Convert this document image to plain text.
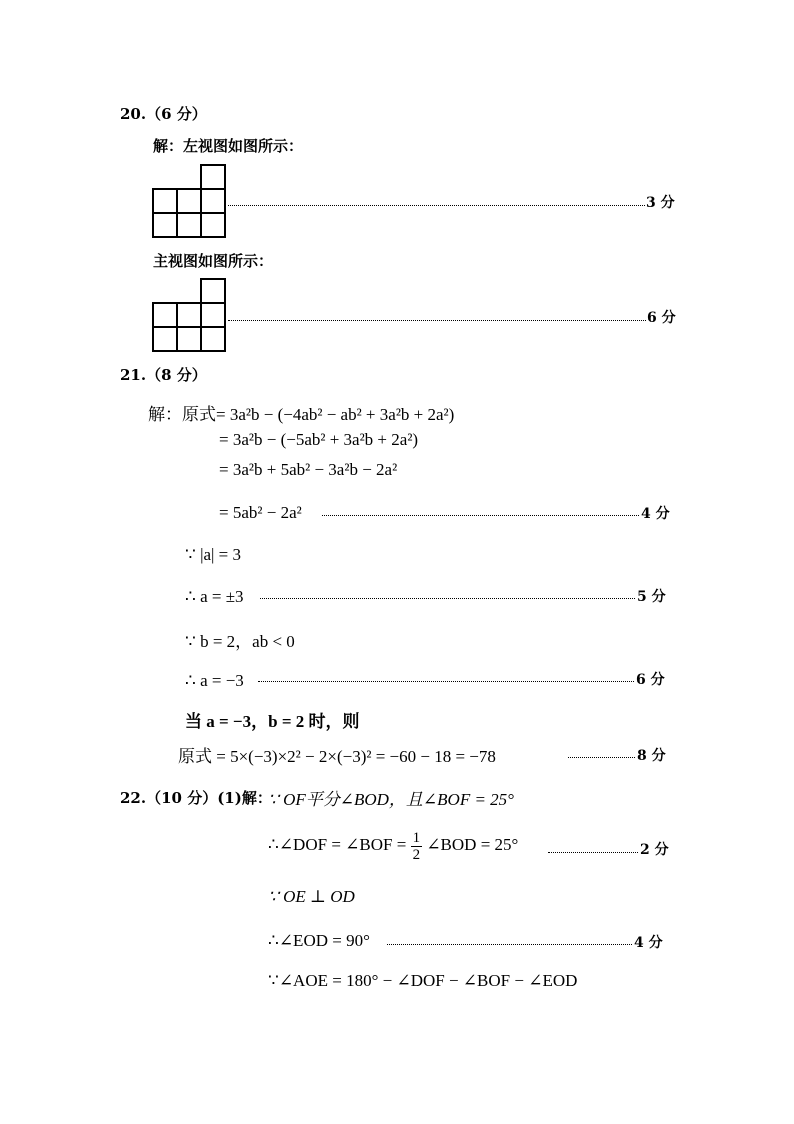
20.（6 分）
解：左视图如图所示：
3 分
主视图如图所示：
6 分
21.（8 分）
解：原式= 3a²b − (−4ab² − ab² + 3a²b + 2a²)
= 3a²b − (−5ab² + 3a²b + 2a²)
= 3a²b + 5ab² − 3a²b − 2a²
= 5ab² − 2a²	4 分
∵ |a| = 3
∴ a = ±3	5 分
∵ b = 2，ab < 0
∴ a = −3	6 分
当 a = −3，b = 2 时，则
原式 = 5×(−3)×2² − 2×(−3)² = −60 − 18 = −78	8 分
22.（10 分）(1)解：
∵ OF平分∠BOD，且∠BOF = 25°
∴∠DOF = ∠BOF = $\frac{1}{2}$ ∠BOD = 25°	2 分
∵ OE ⊥ OD
∴∠EOD = 90°	4 分
∵∠AOE = 180° − ∠DOF − ∠BOF − ∠EOD
